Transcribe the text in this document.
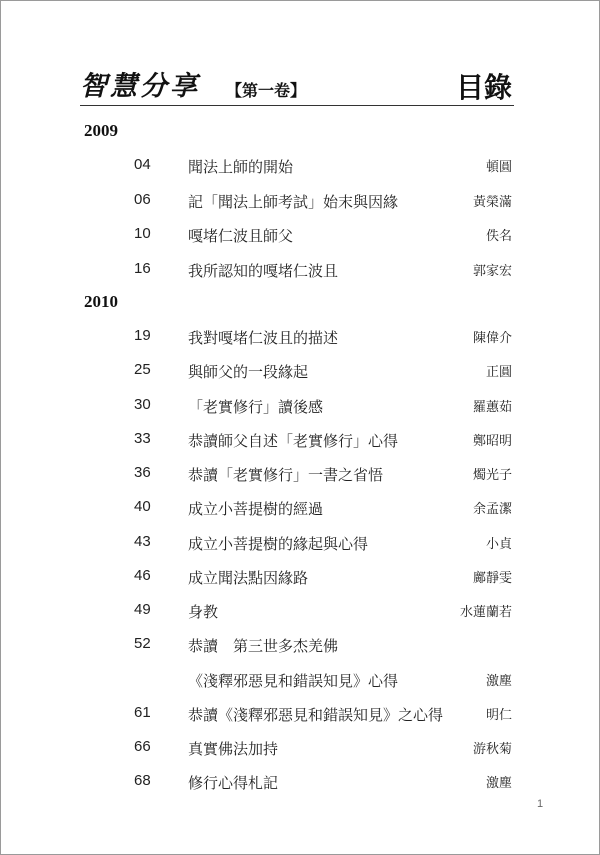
智慧分享 【第一卷】	目錄
2009
04 聞法上師的開始	頓圓
06 記「聞法上師考試」始末與因緣	黃榮滿
10 嘎堵仁波且師父	佚名
16 我所認知的嘎堵仁波且	郭家宏
2010
19 我對嘎堵仁波且的描述	陳偉介
25 與師父的一段緣起	正圓
30 「老實修行」讀後感	羅蕙茹
33 恭讀師父自述「老實修行」心得	鄭昭明
36 恭讀「老實修行」一書之省悟	燭光子
40 成立小菩提樹的經過	余孟潔
43 成立小菩提樹的緣起與心得	小貞
46 成立聞法點因緣路	鄺靜雯
49 身教	水蓮蘭若
52 恭讀　第三世多杰羌佛
《淺釋邪惡見和錯誤知見》心得	激塵
61 恭讀《淺釋邪惡見和錯誤知見》之心得	明仁
66 真實佛法加持	游秋菊
68 修行心得札記	激塵
1
